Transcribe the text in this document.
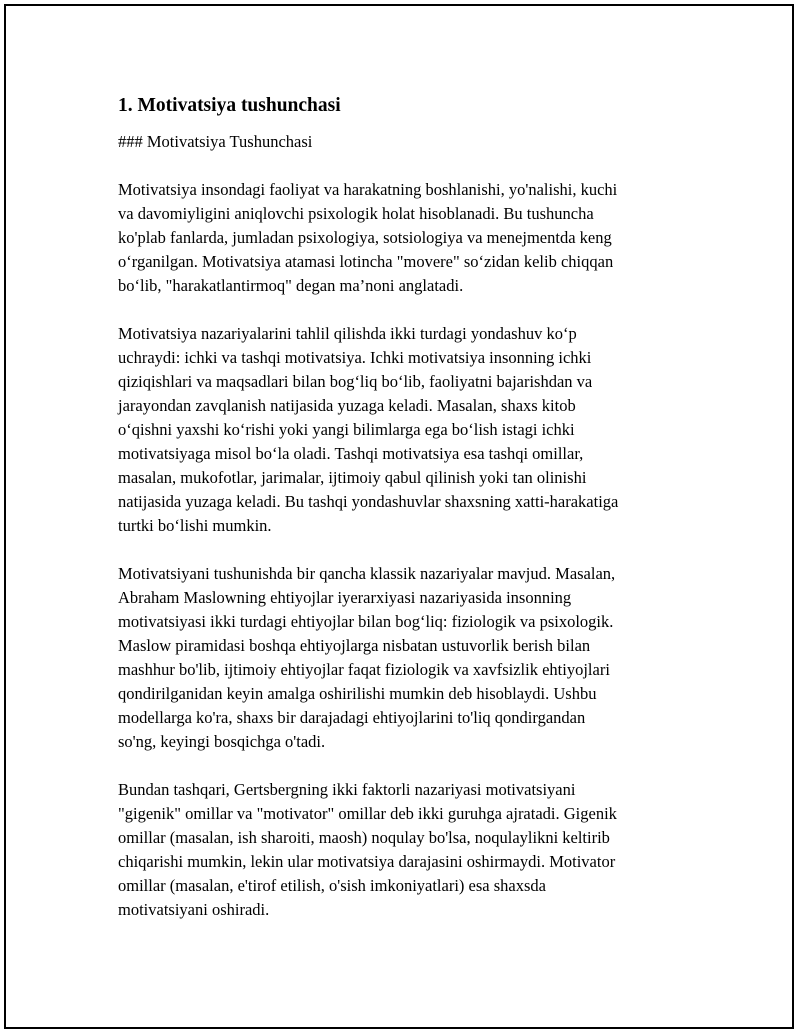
1. Motivatsiya tushunchasi
### Motivatsiya Tushunchasi
Motivatsiya insondagi faoliyat va harakatning boshlanishi, yo'nalishi, kuchi
va davomiyligini aniqlovchi psixologik holat hisoblanadi. Bu tushuncha
ko'plab fanlarda, jumladan psixologiya, sotsiologiya va menejmentda keng
o‘rganilgan. Motivatsiya atamasi lotincha "movere" so‘zidan kelib chiqqan
bo‘lib, "harakatlantirmoq" degan ma’noni anglatadi.
Motivatsiya nazariyalarini tahlil qilishda ikki turdagi yondashuv ko‘p
uchraydi: ichki va tashqi motivatsiya. Ichki motivatsiya insonning ichki
qiziqishlari va maqsadlari bilan bog‘liq bo‘lib, faoliyatni bajarishdan va
jarayondan zavqlanish natijasida yuzaga keladi. Masalan, shaxs kitob
o‘qishni yaxshi ko‘rishi yoki yangi bilimlarga ega bo‘lish istagi ichki
motivatsiyaga misol bo‘la oladi. Tashqi motivatsiya esa tashqi omillar,
masalan, mukofotlar, jarimalar, ijtimoiy qabul qilinish yoki tan olinishi
natijasida yuzaga keladi. Bu tashqi yondashuvlar shaxsning xatti-harakatiga
turtki bo‘lishi mumkin.
Motivatsiyani tushunishda bir qancha klassik nazariyalar mavjud. Masalan,
Abraham Maslowning ehtiyojlar iyerarxiyasi nazariyasida insonning
motivatsiyasi ikki turdagi ehtiyojlar bilan bog‘liq: fiziologik va psixologik.
Maslow piramidasi boshqa ehtiyojlarga nisbatan ustuvorlik berish bilan
mashhur bo'lib, ijtimoiy ehtiyojlar faqat fiziologik va xavfsizlik ehtiyojlari
qondirilganidan keyin amalga oshirilishi mumkin deb hisoblaydi. Ushbu
modellarga ko'ra, shaxs bir darajadagi ehtiyojlarini to'liq qondirgandan
so'ng, keyingi bosqichga o'tadi.
Bundan tashqari, Gertsbergning ikki faktorli nazariyasi motivatsiyani
"gigenik" omillar va "motivator" omillar deb ikki guruhga ajratadi. Gigenik
omillar (masalan, ish sharoiti, maosh) noqulay bo'lsa, noqulaylikni keltirib
chiqarishi mumkin, lekin ular motivatsiya darajasini oshirmaydi. Motivator
omillar (masalan, e'tirof etilish, o'sish imkoniyatlari) esa shaxsda
motivatsiyani oshiradi.
